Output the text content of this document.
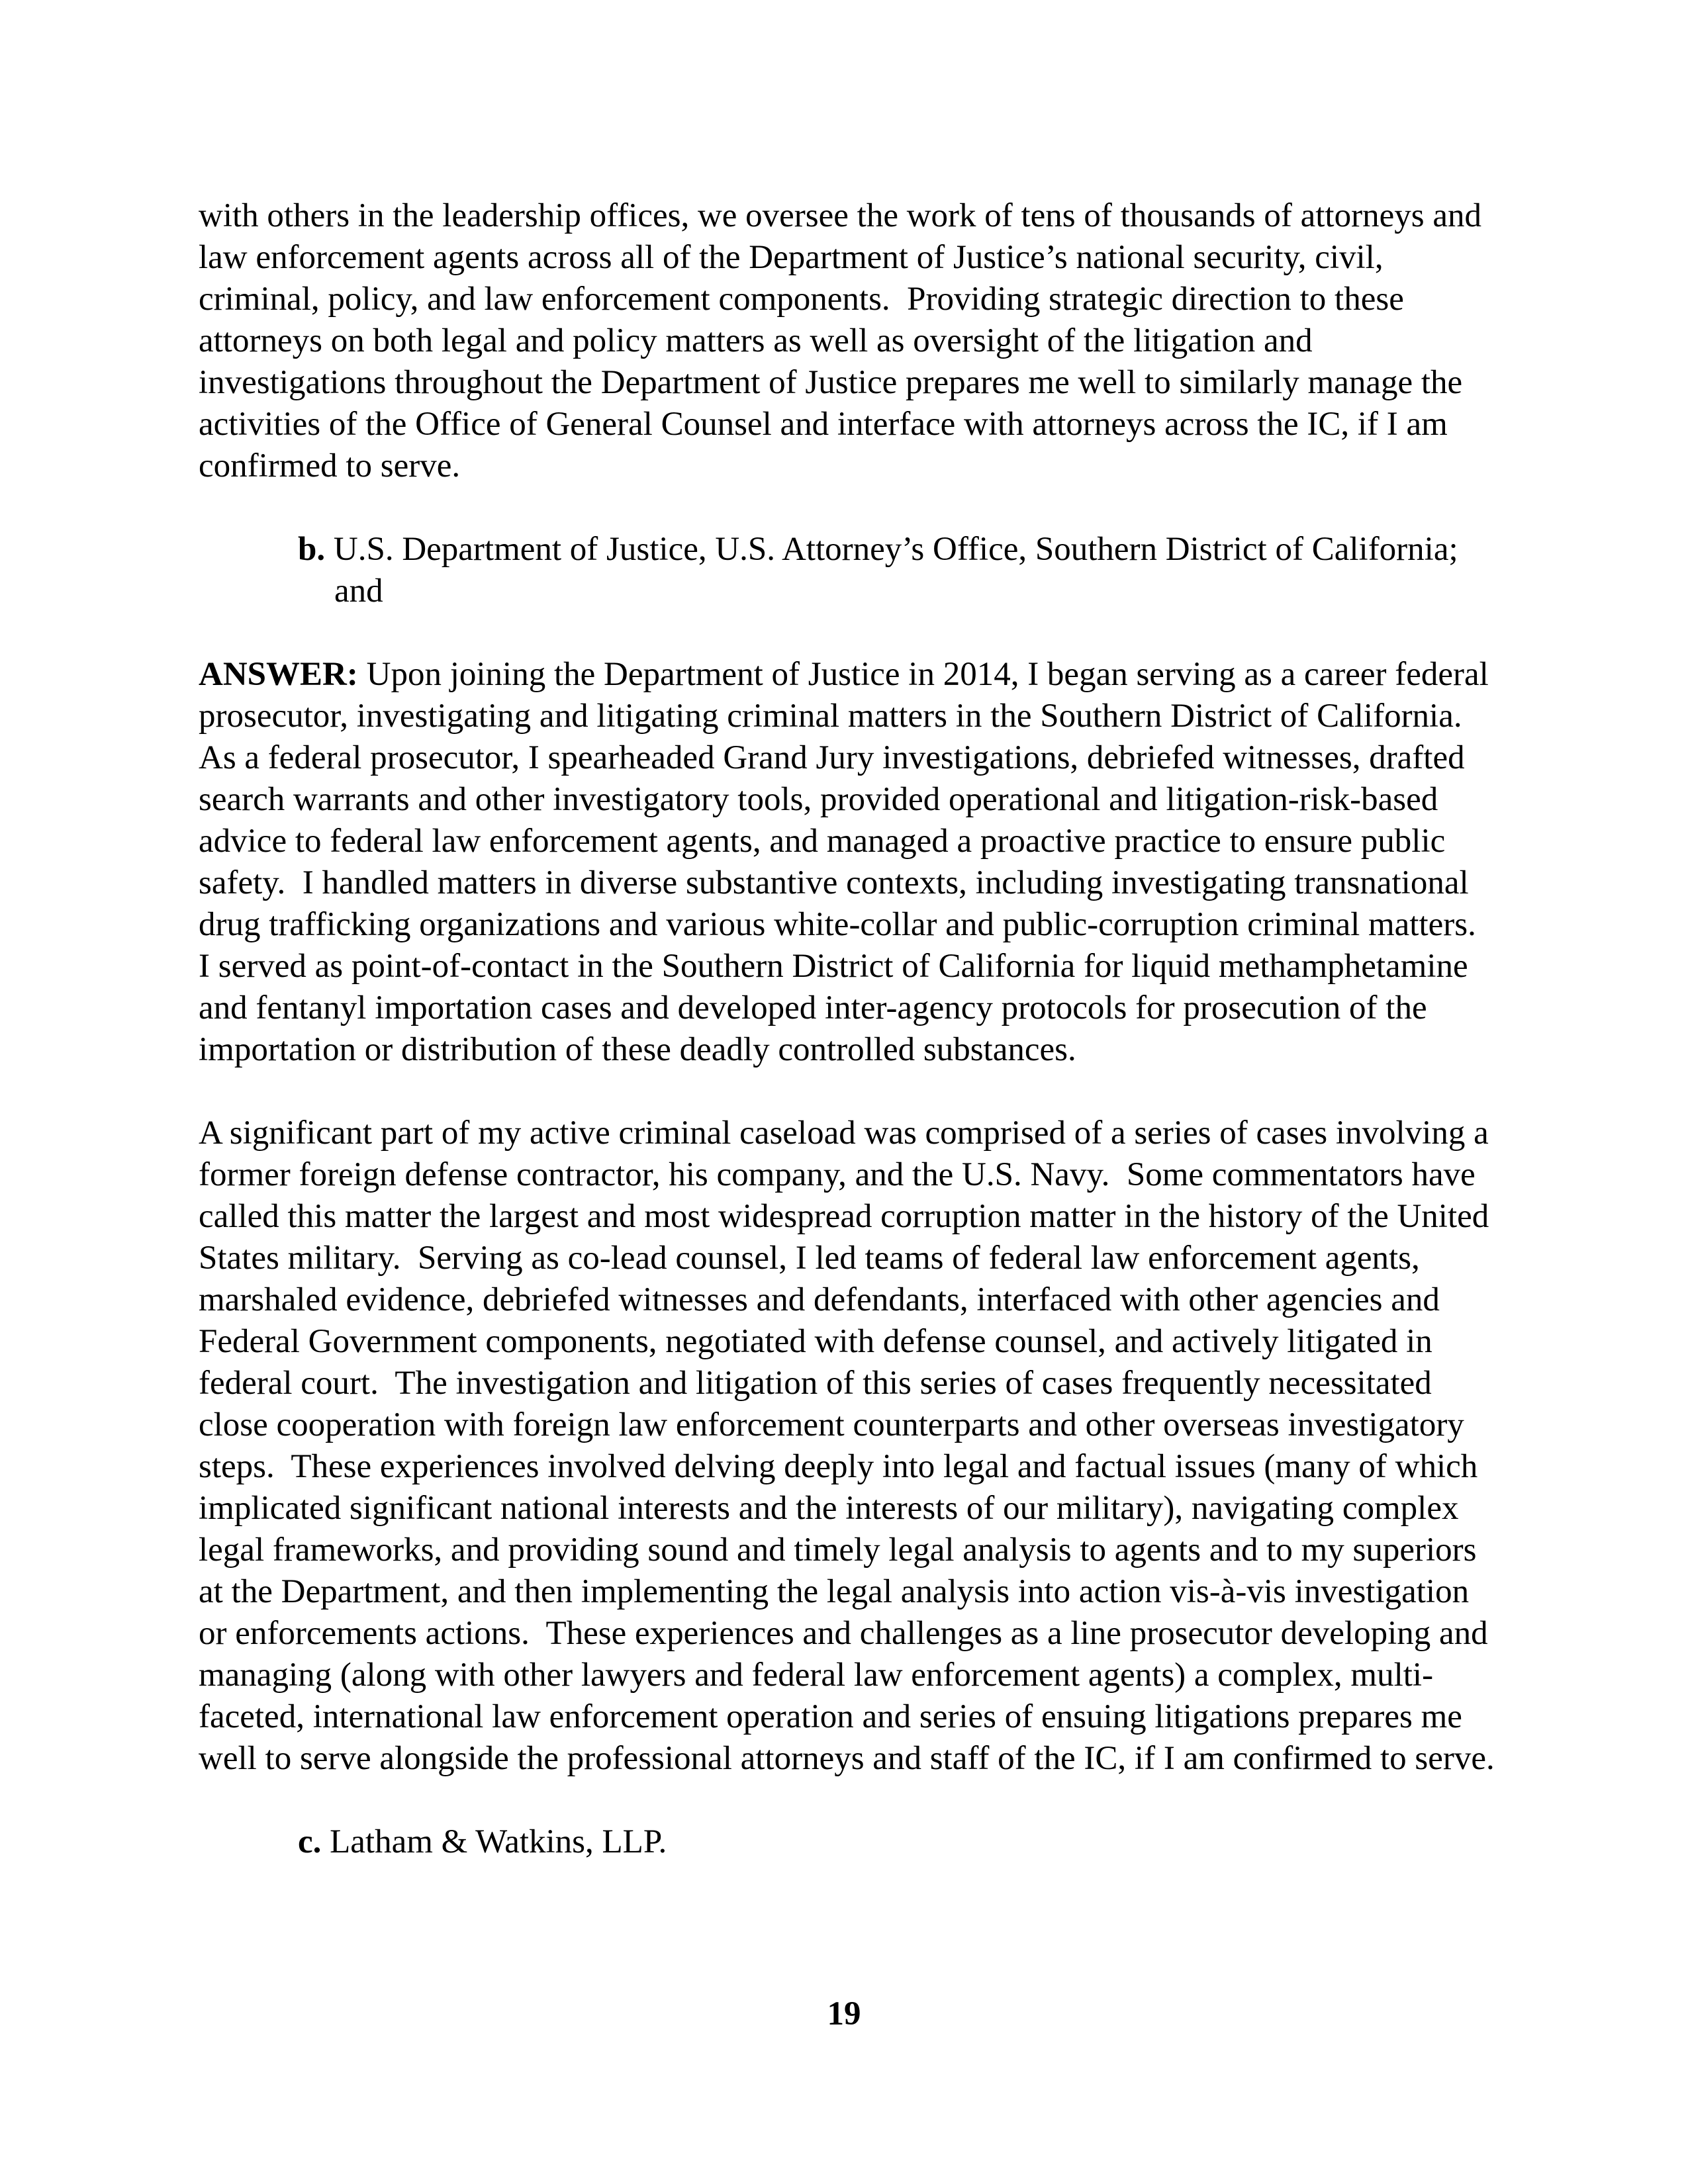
with others in the leadership offices, we oversee the work of tens of thousands of attorneys and law enforcement agents across all of the Department of Justice’s national security, civil, criminal, policy, and law enforcement components.  Providing strategic direction to these attorneys on both legal and policy matters as well as oversight of the litigation and investigations throughout the Department of Justice prepares me well to similarly manage the activities of the Office of General Counsel and interface with attorneys across the IC, if I am confirmed to serve.

b. U.S. Department of Justice, U.S. Attorney’s Office, Southern District of California; and

ANSWER: Upon joining the Department of Justice in 2014, I began serving as a career federal prosecutor, investigating and litigating criminal matters in the Southern District of California.  As a federal prosecutor, I spearheaded Grand Jury investigations, debriefed witnesses, drafted search warrants and other investigatory tools, provided operational and litigation-risk-based advice to federal law enforcement agents, and managed a proactive practice to ensure public safety.  I handled matters in diverse substantive contexts, including investigating transnational drug trafficking organizations and various white-collar and public-corruption criminal matters.  I served as point-of-contact in the Southern District of California for liquid methamphetamine and fentanyl importation cases and developed inter-agency protocols for prosecution of the importation or distribution of these deadly controlled substances.

A significant part of my active criminal caseload was comprised of a series of cases involving a former foreign defense contractor, his company, and the U.S. Navy.  Some commentators have called this matter the largest and most widespread corruption matter in the history of the United States military.  Serving as co-lead counsel, I led teams of federal law enforcement agents, marshaled evidence, debriefed witnesses and defendants, interfaced with other agencies and Federal Government components, negotiated with defense counsel, and actively litigated in federal court.  The investigation and litigation of this series of cases frequently necessitated close cooperation with foreign law enforcement counterparts and other overseas investigatory steps.  These experiences involved delving deeply into legal and factual issues (many of which implicated significant national interests and the interests of our military), navigating complex legal frameworks, and providing sound and timely legal analysis to agents and to my superiors at the Department, and then implementing the legal analysis into action vis-à-vis investigation or enforcements actions.  These experiences and challenges as a line prosecutor developing and managing (along with other lawyers and federal law enforcement agents) a complex, multi-faceted, international law enforcement operation and series of ensuing litigations prepares me well to serve alongside the professional attorneys and staff of the IC, if I am confirmed to serve.

c. Latham & Watkins, LLP.
19
